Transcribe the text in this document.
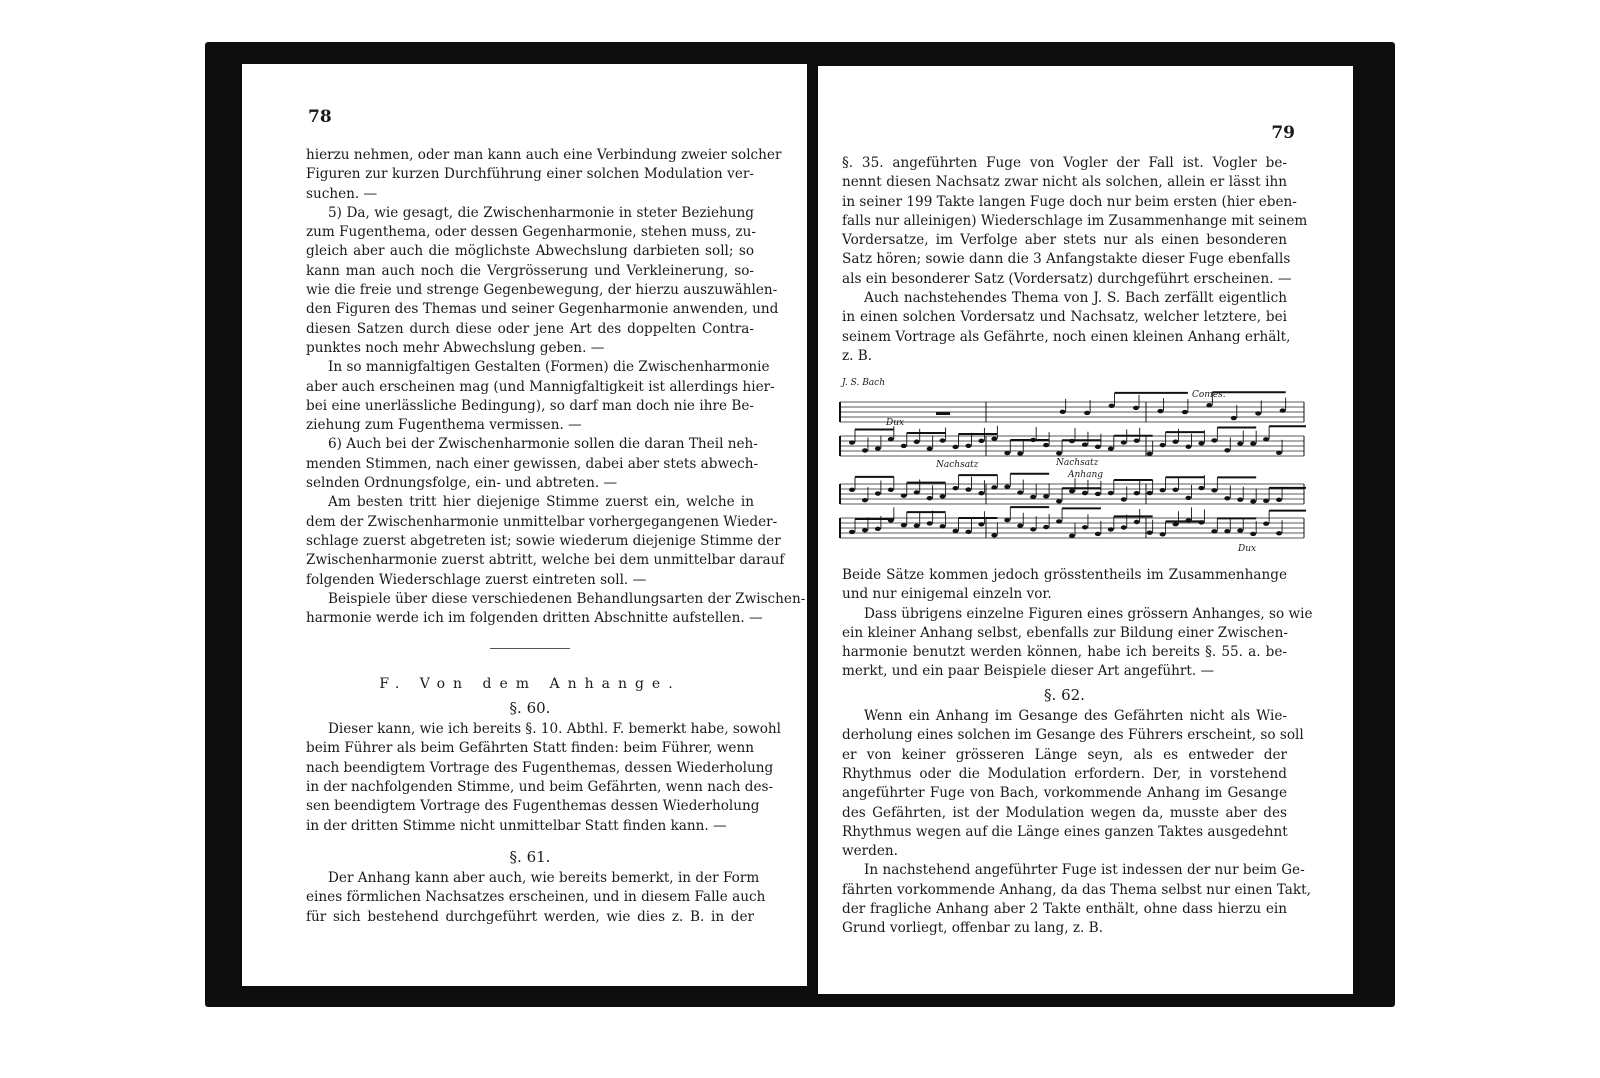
78
hierzu nehmen, oder man kann auch eine Verbindung zweier solcher
Figuren zur kurzen Durchführung einer solchen Modulation ver-
suchen. —
5) Da, wie gesagt, die Zwischenharmonie in steter Beziehung
zum Fugenthema, oder dessen Gegenharmonie, stehen muss, zu-
gleich aber auch die möglichste Abwechslung darbieten soll; so
kann man auch noch die Vergrösserung und Verkleinerung, so-
wie die freie und strenge Gegenbewegung, der hierzu auszuwählen-
den Figuren des Themas und seiner Gegenharmonie anwenden, und
diesen Satzen durch diese oder jene Art des doppelten Contra-
punktes noch mehr Abwechslung geben. —
In so mannigfaltigen Gestalten (Formen) die Zwischenharmonie
aber auch erscheinen mag (und Mannigfaltigkeit ist allerdings hier-
bei eine unerlässliche Bedingung), so darf man doch nie ihre Be-
ziehung zum Fugenthema vermissen. —
6) Auch bei der Zwischenharmonie sollen die daran Theil neh-
menden Stimmen, nach einer gewissen, dabei aber stets abwech-
selnden Ordnungsfolge, ein- und abtreten. —
Am besten tritt hier diejenige Stimme zuerst ein, welche in
dem der Zwischenharmonie unmittelbar vorhergegangenen Wieder-
schlage zuerst abgetreten ist; sowie wiederum diejenige Stimme der
Zwischenharmonie zuerst abtritt, welche bei dem unmittelbar darauf
folgenden Wiederschlage zuerst eintreten soll. —
Beispiele über diese verschiedenen Behandlungsarten der Zwischen-
harmonie werde ich im folgenden dritten Abschnitte aufstellen. —
F. Von dem Anhange.
§. 60.
Dieser kann, wie ich bereits §. 10. Abthl. F. bemerkt habe, sowohl
beim Führer als beim Gefährten Statt finden: beim Führer, wenn
nach beendigtem Vortrage des Fugenthemas, dessen Wiederholung
in der nachfolgenden Stimme, und beim Gefährten, wenn nach des-
sen beendigtem Vortrage des Fugenthemas dessen Wiederholung
in der dritten Stimme nicht unmittelbar Statt finden kann. —
§. 61.
Der Anhang kann aber auch, wie bereits bemerkt, in der Form
eines förmlichen Nachsatzes erscheinen, und in diesem Falle auch
für sich bestehend durchgeführt werden, wie dies z. B. in der
79
§. 35. angeführten Fuge von Vogler der Fall ist. Vogler be-
nennt diesen Nachsatz zwar nicht als solchen, allein er lässt ihn
in seiner 199 Takte langen Fuge doch nur beim ersten (hier eben-
falls nur alleinigen) Wiederschlage im Zusammenhange mit seinem
Vordersatze, im Verfolge aber stets nur als einen besonderen
Satz hören; sowie dann die 3 Anfangstakte dieser Fuge ebenfalls
als ein besonderer Satz (Vordersatz) durchgeführt erscheinen. —
Auch nachstehendes Thema von J. S. Bach zerfällt eigentlich
in einen solchen Vordersatz und Nachsatz, welcher letztere, bei
seinem Vortrage als Gefährte, noch einen kleinen Anhang erhält,
z. B.
J. S. Bach
Comes.
Dux
Nachsatz	Nachsatz
Anhang
Dux
Beide Sätze kommen jedoch grösstentheils im Zusammenhange
und nur einigemal einzeln vor.
Dass übrigens einzelne Figuren eines grössern Anhanges, so wie
ein kleiner Anhang selbst, ebenfalls zur Bildung einer Zwischen-
harmonie benutzt werden können, habe ich bereits §. 55. a. be-
merkt, und ein paar Beispiele dieser Art angeführt. —
§. 62.
Wenn ein Anhang im Gesange des Gefährten nicht als Wie-
derholung eines solchen im Gesange des Führers erscheint, so soll
er von keiner grösseren Länge seyn, als es entweder der
Rhythmus oder die Modulation erfordern. Der, in vorstehend
angeführter Fuge von Bach, vorkommende Anhang im Gesange
des Gefährten, ist der Modulation wegen da, musste aber des
Rhythmus wegen auf die Länge eines ganzen Taktes ausgedehnt
werden.
In nachstehend angeführter Fuge ist indessen der nur beim Ge-
fährten vorkommende Anhang, da das Thema selbst nur einen Takt,
der fragliche Anhang aber 2 Takte enthält, ohne dass hierzu ein
Grund vorliegt, offenbar zu lang, z. B.
